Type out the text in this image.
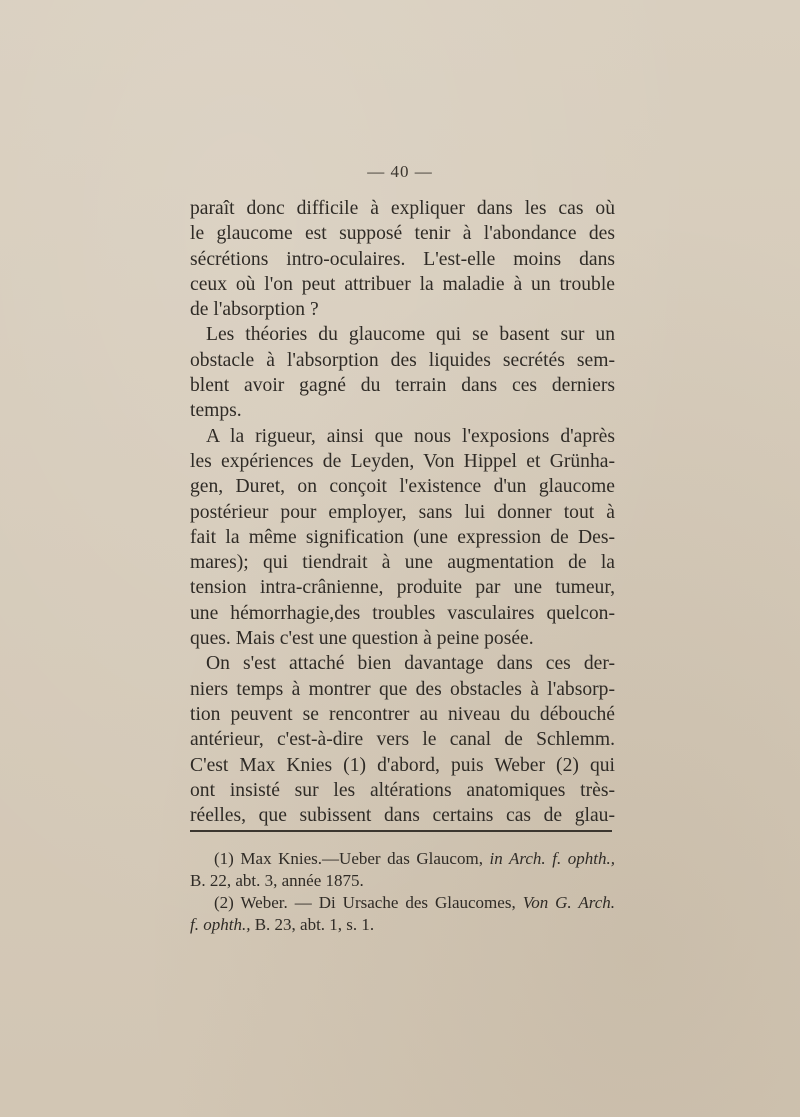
— 40 —
paraît donc difficile à expliquer dans les cas où
le glaucome est supposé tenir à l'abondance des
sécrétions intro-oculaires. L'est-elle moins dans
ceux où l'on peut attribuer la maladie à un trouble
de l'absorption ?
Les théories du glaucome qui se basent sur un
obstacle à l'absorption des liquides secrétés sem-
blent avoir gagné du terrain dans ces derniers
temps.
A la rigueur, ainsi que nous l'exposions d'après
les expériences de Leyden, Von Hippel et Grünha-
gen, Duret, on conçoit l'existence d'un glaucome
postérieur pour employer, sans lui donner tout à
fait la même signification (une expression de Des-
mares); qui tiendrait à une augmentation de la
tension intra-crânienne, produite par une tumeur,
une hémorrhagie,des troubles vasculaires quelcon-
ques. Mais c'est une question à peine posée.
On s'est attaché bien davantage dans ces der-
niers temps à montrer que des obstacles à l'absorp-
tion peuvent se rencontrer au niveau du débouché
antérieur, c'est-à-dire vers le canal de Schlemm.
C'est Max Knies (1) d'abord, puis Weber (2) qui
ont insisté sur les altérations anatomiques très-
réelles, que subissent dans certains cas de glau-
(1) Max Knies.—Ueber das Glaucom, in Arch. f. ophth.,
B. 22, abt. 3, année 1875.
(2) Weber. — Di Ursache des Glaucomes, Von G. Arch.
f. ophth., B. 23, abt. 1, s. 1.
